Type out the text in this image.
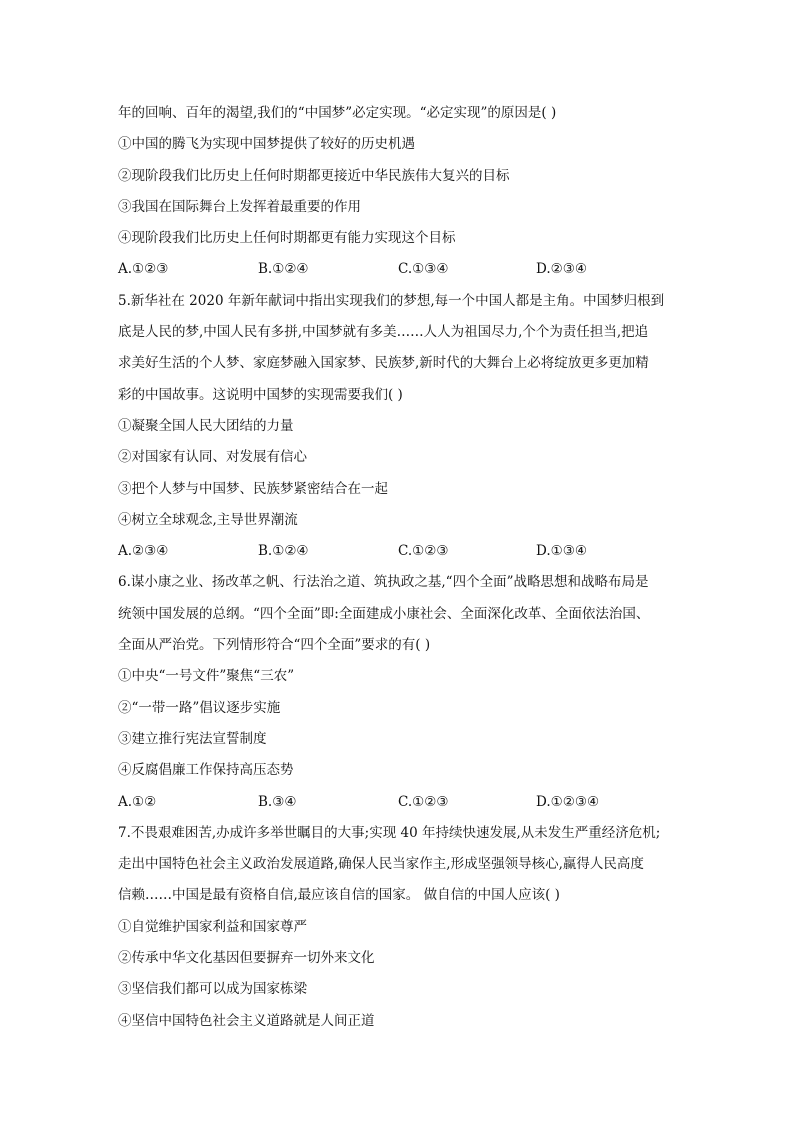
年的回响、百年的渴望,我们的“中国梦”必定实现。“必定实现”的原因是( )
①中国的腾飞为实现中国梦提供了较好的历史机遇
②现阶段我们比历史上任何时期都更接近中华民族伟大复兴的目标
③我国在国际舞台上发挥着最重要的作用
④现阶段我们比历史上任何时期都更有能力实现这个目标
A.①②③	B.①②④	C.①③④	D.②③④
5.新华社在 2020 年新年献词中指出实现我们的梦想,每一个中国人都是主角。中国梦归根到
底是人民的梦,中国人民有多拼,中国梦就有多美……人人为祖国尽力,个个为责任担当,把追
求美好生活的个人梦、家庭梦融入国家梦、民族梦,新时代的大舞台上必将绽放更多更加精
彩的中国故事。这说明中国梦的实现需要我们( )
①凝聚全国人民大团结的力量
②对国家有认同、对发展有信心
③把个人梦与中国梦、民族梦紧密结合在一起
④树立全球观念,主导世界潮流
A.②③④	B.①②④	C.①②③	D.①③④
6.谋小康之业、扬改革之帆、行法治之道、筑执政之基,“四个全面”战略思想和战略布局是
统领中国发展的总纲。“四个全面”即:全面建成小康社会、全面深化改革、全面依法治国、
全面从严治党。下列情形符合“四个全面”要求的有( )
①中央“一号文件”聚焦“三农”
②“一带一路”倡议逐步实施
③建立推行宪法宣誓制度
④反腐倡廉工作保持高压态势
A.①②	B.③④	C.①②③	D.①②③④
7.不畏艰难困苦,办成许多举世瞩目的大事;实现 40 年持续快速发展,从未发生严重经济危机;
走出中国特色社会主义政治发展道路,确保人民当家作主,形成坚强领导核心,赢得人民高度
信赖……中国是最有资格自信,最应该自信的国家。 做自信的中国人应该( )
①自觉维护国家利益和国家尊严
②传承中华文化基因但要摒弃一切外来文化
③坚信我们都可以成为国家栋梁
④坚信中国特色社会主义道路就是人间正道
